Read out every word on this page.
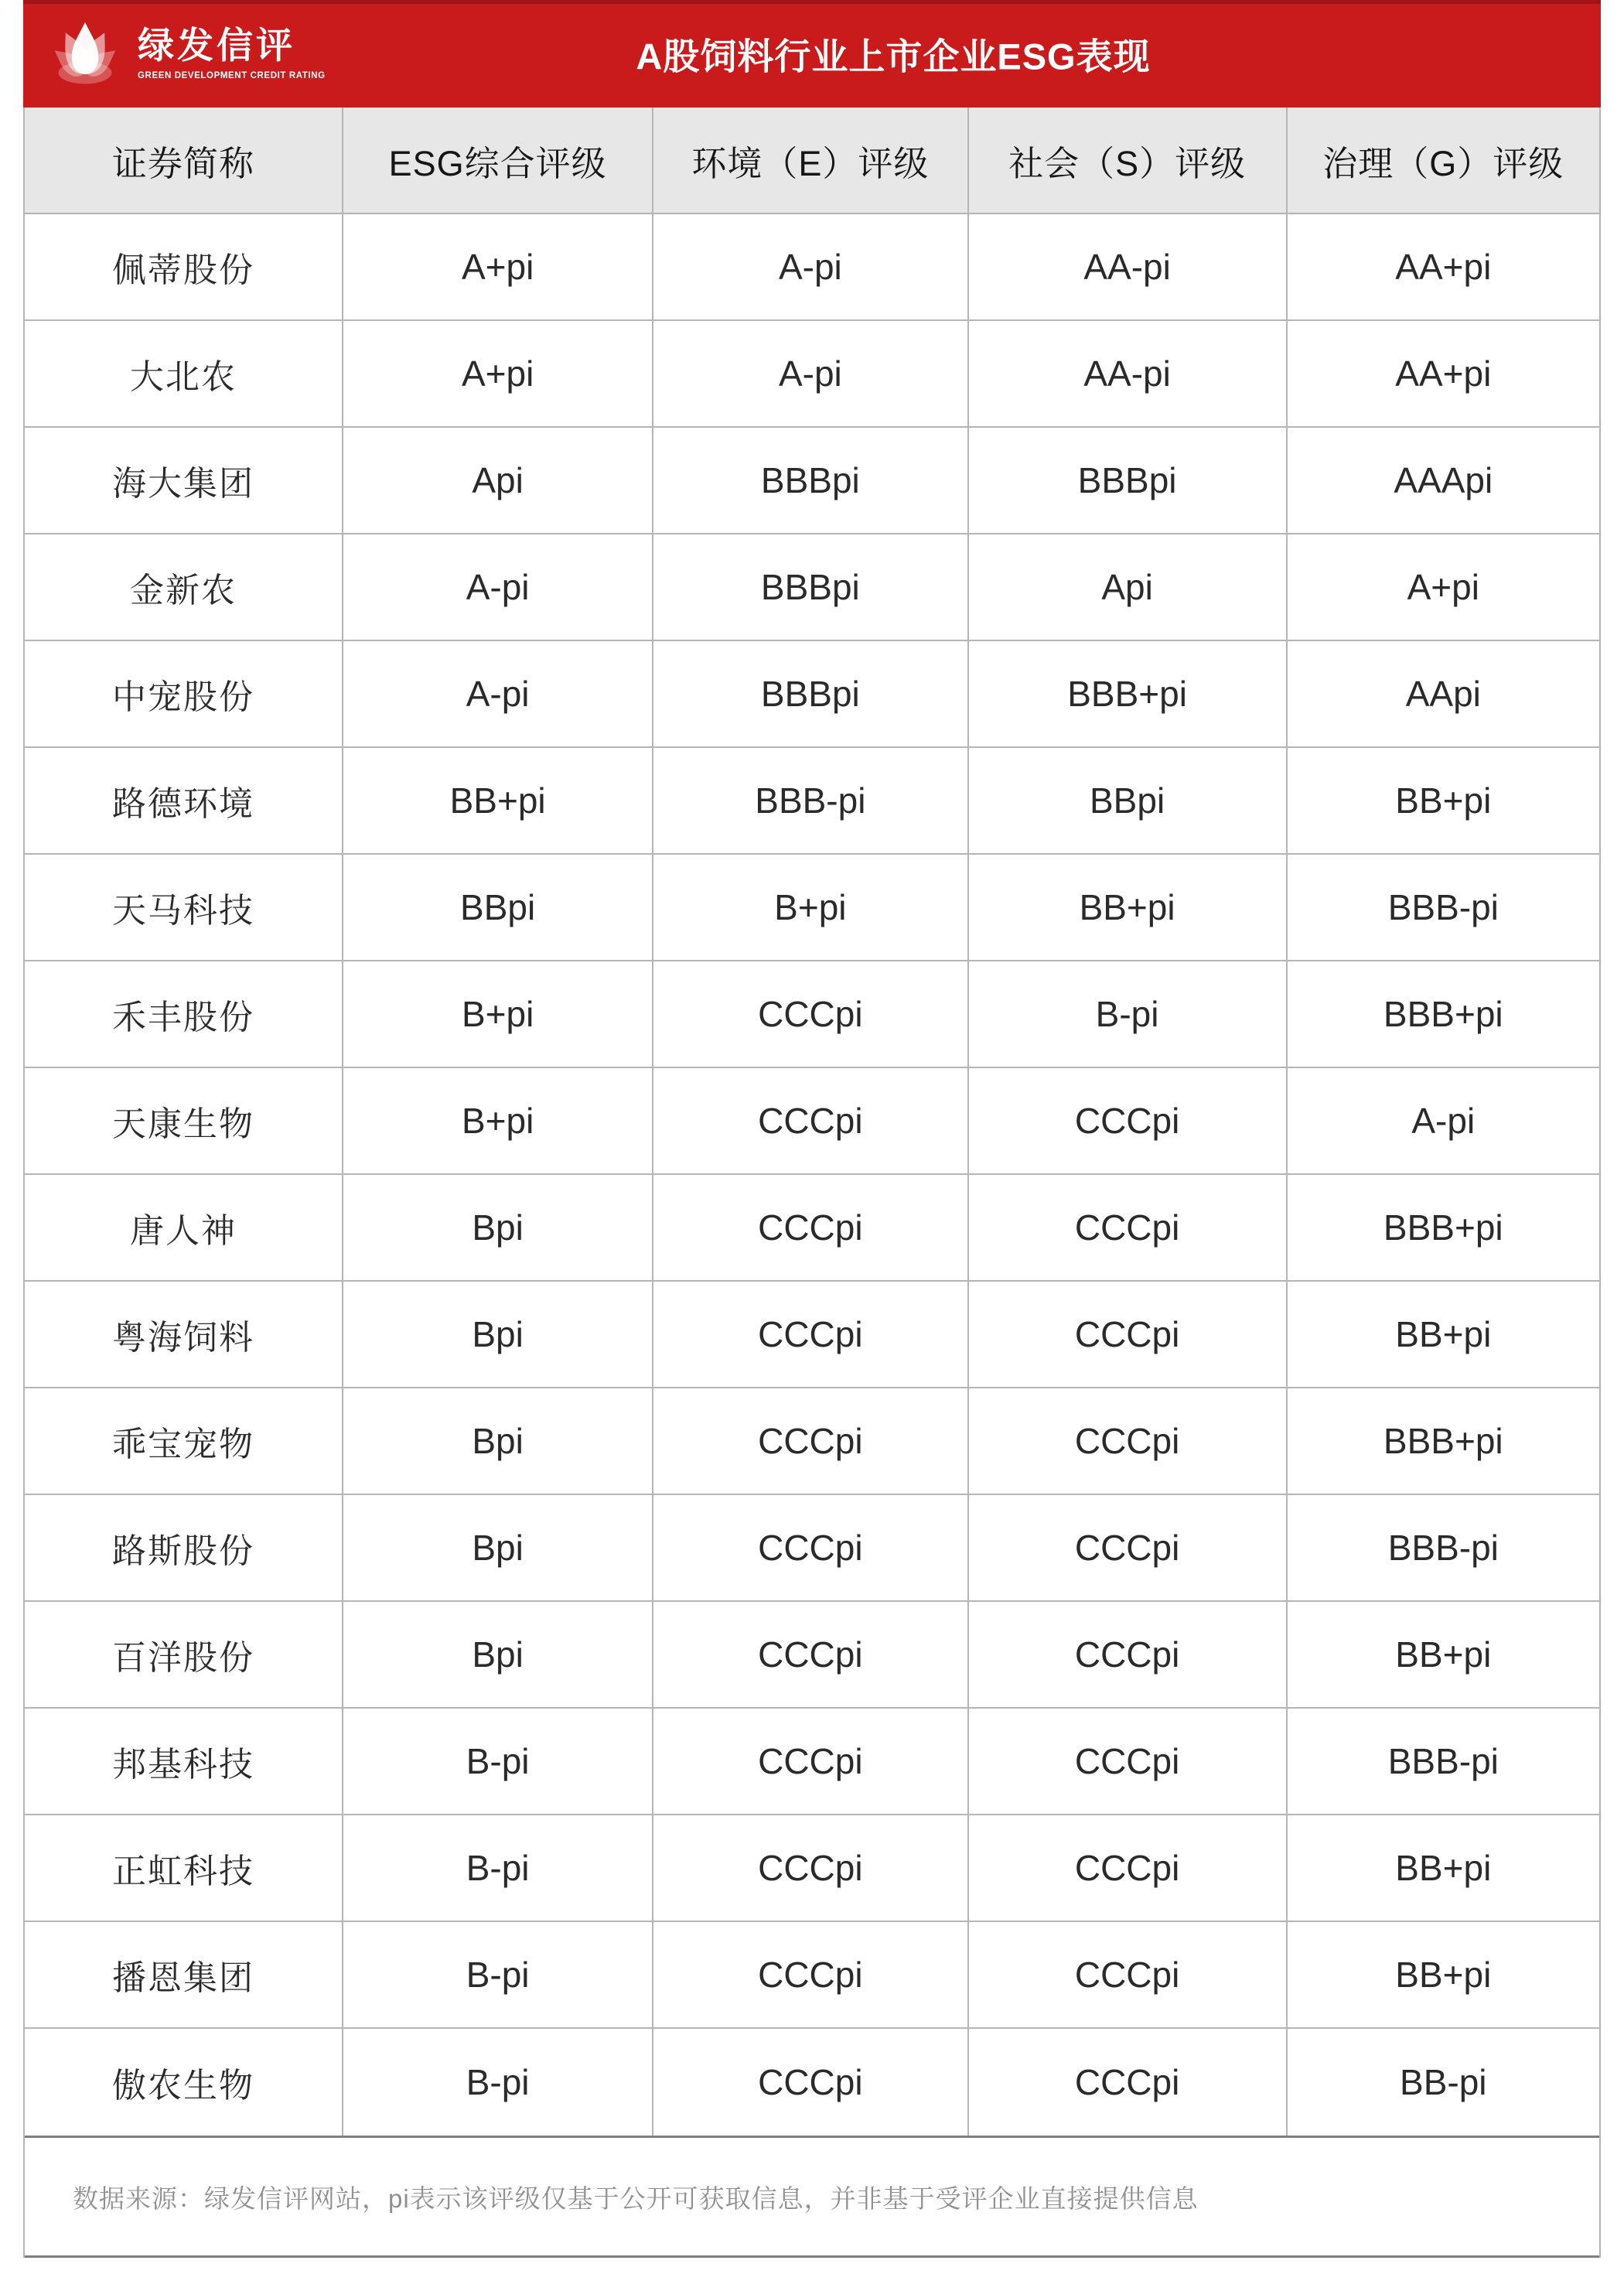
绿发信评
GREEN DEVELOPMENT CREDIT RATING	A股饲料行业上市企业ESG表现
证券简称	ESG综合评级	环境（E）评级	社会（S）评级	治理（G）评级
佩蒂股份	A+pi	A-pi	AA-pi	AA+pi
大北农	A+pi	A-pi	AA-pi	AA+pi
海大集团	Api	BBBpi	BBBpi	AAApi
金新农	A-pi	BBBpi	Api	A+pi
中宠股份	A-pi	BBBpi	BBB+pi	AApi
路德环境	BB+pi	BBB-pi	BBpi	BB+pi
天马科技	BBpi	B+pi	BB+pi	BBB-pi
禾丰股份	B+pi	CCCpi	B-pi	BBB+pi
天康生物	B+pi	CCCpi	CCCpi	A-pi
唐人神	Bpi	CCCpi	CCCpi	BBB+pi
粤海饲料	Bpi	CCCpi	CCCpi	BB+pi
乖宝宠物	Bpi	CCCpi	CCCpi	BBB+pi
路斯股份	Bpi	CCCpi	CCCpi	BBB-pi
百洋股份	Bpi	CCCpi	CCCpi	BB+pi
邦基科技	B-pi	CCCpi	CCCpi	BBB-pi
正虹科技	B-pi	CCCpi	CCCpi	BB+pi
播恩集团	B-pi	CCCpi	CCCpi	BB+pi
傲农生物	B-pi	CCCpi	CCCpi	BB-pi
数据来源：绿发信评网站，pi表示该评级仅基于公开可获取信息，并非基于受评企业直接提供信息
